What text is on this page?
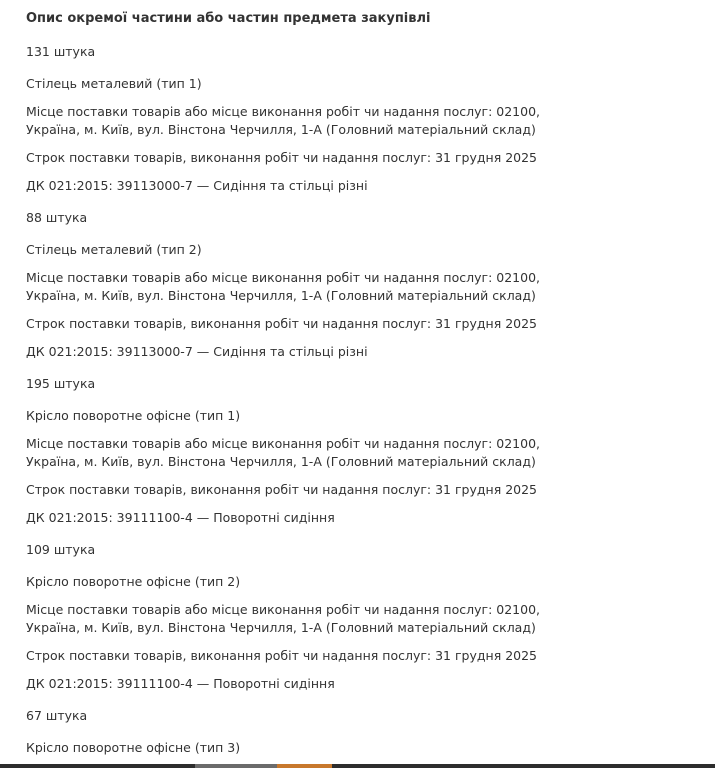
Опис окремої частини або частин предмета закупівлі

131 штука

Стілець металевий (тип 1)

Місце поставки товарів або місце виконання робіт чи надання послуг: 02100, Україна, м. Київ, вул. Вінстона Черчилля, 1-А (Головний матеріальний склад)

Строк поставки товарів, виконання робіт чи надання послуг: 31 грудня 2025

ДК 021:2015: 39113000-7 — Сидіння та стільці різні

88 штука

Стілець металевий (тип 2)

Місце поставки товарів або місце виконання робіт чи надання послуг: 02100, Україна, м. Київ, вул. Вінстона Черчилля, 1-А (Головний матеріальний склад)

Строк поставки товарів, виконання робіт чи надання послуг: 31 грудня 2025

ДК 021:2015: 39113000-7 — Сидіння та стільці різні

195 штука

Крісло поворотне офісне (тип 1)

Місце поставки товарів або місце виконання робіт чи надання послуг: 02100, Україна, м. Київ, вул. Вінстона Черчилля, 1-А (Головний матеріальний склад)

Строк поставки товарів, виконання робіт чи надання послуг: 31 грудня 2025

ДК 021:2015: 39111100-4 — Поворотні сидіння

109 штука

Крісло поворотне офісне (тип 2)

Місце поставки товарів або місце виконання робіт чи надання послуг: 02100, Україна, м. Київ, вул. Вінстона Черчилля, 1-А (Головний матеріальний склад)

Строк поставки товарів, виконання робіт чи надання послуг: 31 грудня 2025

ДК 021:2015: 39111100-4 — Поворотні сидіння

67 штука

Крісло поворотне офісне (тип 3)
